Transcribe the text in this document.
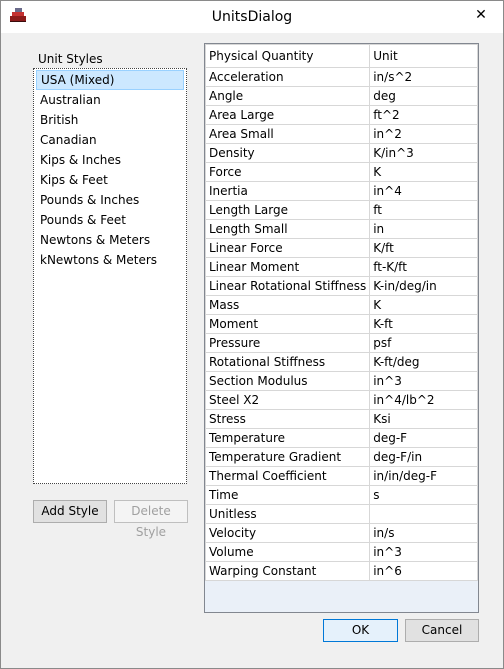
UnitsDialog	✕
Unit Styles
USA (Mixed)
Australian
British
Canadian
Kips & Inches
Kips & Feet
Pounds & Inches
Pounds & Feet
Newtons & Meters
kNewtons & Meters
Add Style	Delete Style
Physical Quantity	Unit
Acceleration	in/s^2
Angle	deg
Area Large	ft^2
Area Small	in^2
Density	K/in^3
Force	K
Inertia	in^4
Length Large	ft
Length Small	in
Linear Force	K/ft
Linear Moment	ft-K/ft
Linear Rotational Stiffness	K-in/deg/in
Mass	K
Moment	K-ft
Pressure	psf
Rotational Stiffness	K-ft/deg
Section Modulus	in^3
Steel X2	in^4/lb^2
Stress	Ksi
Temperature	deg-F
Temperature Gradient	deg-F/in
Thermal Coefficient	in/in/deg-F
Time	s
Unitless	
Velocity	in/s
Volume	in^3
Warping Constant	in^6
OK	Cancel
